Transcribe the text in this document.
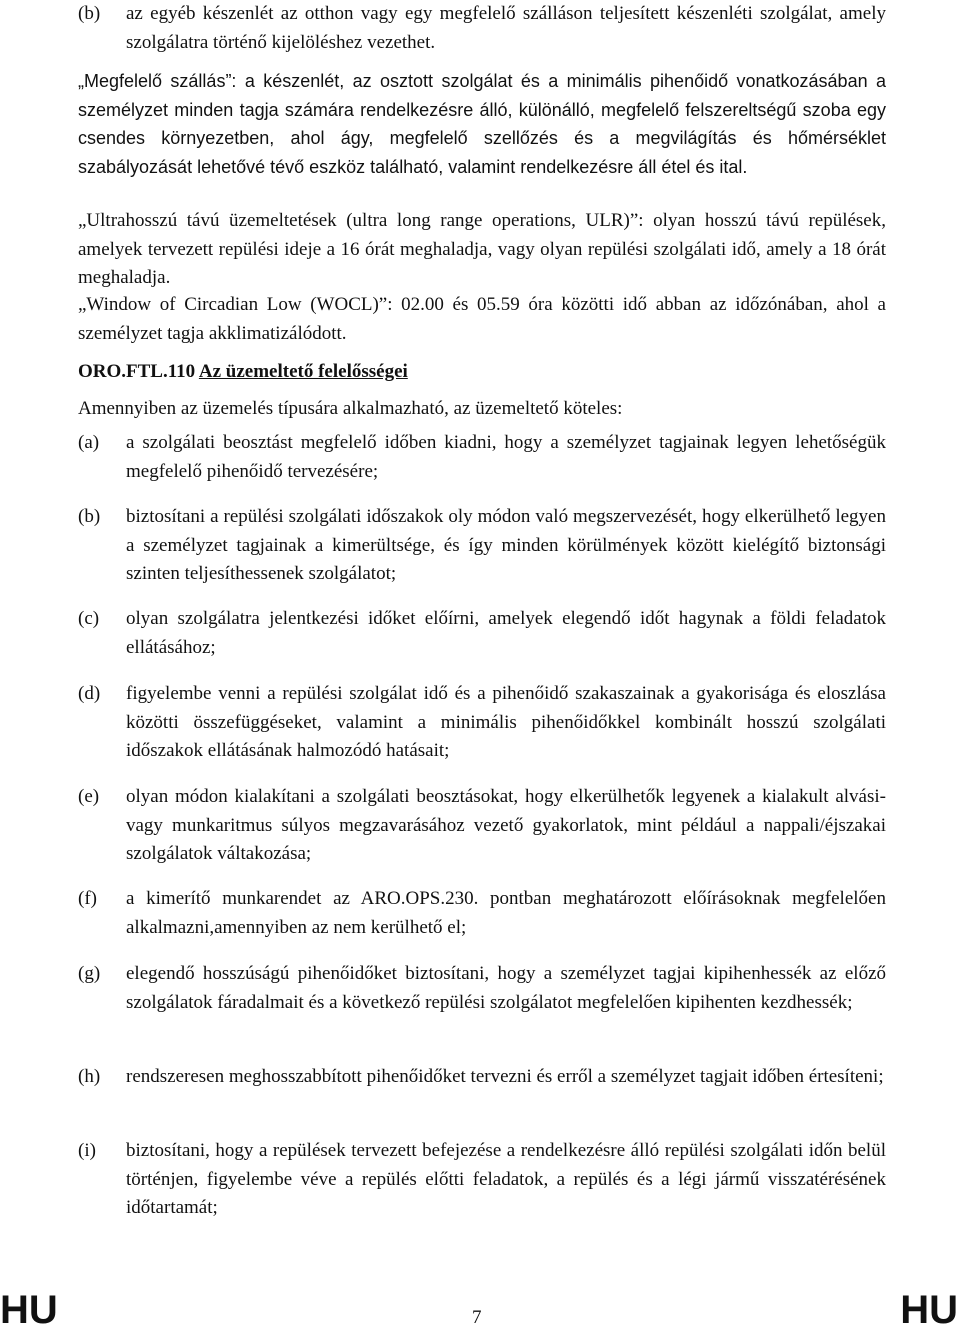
(b)	az egyéb készenlét az otthon vagy egy megfelelő szálláson teljesített készenléti szolgálat, amely szolgálatra történő kijelöléshez vezethet.
„Megfelelő szállás”: a készenlét, az osztott szolgálat és a minimális pihenőidő vonatkozásában a személyzet minden tagja számára rendelkezésre álló, különálló, megfelelő felszereltségű szoba egy csendes környezetben, ahol ágy, megfelelő szellőzés és a megvilágítás és hőmérséklet szabályozását lehetővé tévő eszköz található, valamint rendelkezésre áll étel és ital.
„Ultrahosszú távú üzemeltetések (ultra long range operations, ULR)”: olyan hosszú távú repülések, amelyek tervezett repülési ideje a 16 órát meghaladja, vagy olyan repülési szolgálati idő, amely a 18 órát meghaladja.
„Window of Circadian Low (WOCL)”: 02.00 és 05.59 óra közötti idő abban az időzónában, ahol a személyzet tagja akklimatizálódott.
ORO.FTL.110 Az üzemeltető felelősségei
Amennyiben az üzemelés típusára alkalmazható, az üzemeltető köteles:
(a)	a szolgálati beosztást megfelelő időben kiadni, hogy a személyzet tagjainak legyen lehetőségük megfelelő pihenőidő tervezésére;
(b)	biztosítani a repülési szolgálati időszakok oly módon való megszervezését, hogy elkerülhető legyen a személyzet tagjainak a kimerültsége, és így minden körülmények között kielégítő biztonsági szinten teljesíthessenek szolgálatot;
(c)	olyan szolgálatra jelentkezési időket előírni, amelyek elegendő időt hagynak a földi feladatok ellátásához;
(d)	figyelembe venni a repülési szolgálat idő és a pihenőidő szakaszainak a gyakorisága és eloszlása közötti összefüggéseket, valamint a minimális pihenőidőkkel kombinált hosszú szolgálati időszakok ellátásának halmozódó hatásait;
(e)	olyan módon kialakítani a szolgálati beosztásokat, hogy elkerülhetők legyenek a kialakult alvási- vagy munkaritmus súlyos megzavarásához vezető gyakorlatok, mint például a nappali/éjszakai szolgálatok váltakozása;
(f)	a kimerítő munkarendet az ARO.OPS.230. pontban meghatározott előírásoknak megfelelően alkalmazni,amennyiben az nem kerülhető el;
(g)	elegendő hosszúságú pihenőidőket biztosítani, hogy a személyzet tagjai kipihenhessék az előző szolgálatok fáradalmait és a következő repülési szolgálatot megfelelően kipihenten kezdhessék;
(h)	rendszeresen meghosszabbított pihenőidőket tervezni és erről a személyzet tagjait időben értesíteni;
(i)	biztosítani, hogy a repülések tervezett befejezése a rendelkezésre álló repülési szolgálati időn belül történjen, figyelembe véve a repülés előtti feladatok, a repülés és a légi jármű visszatérésének időtartamát;
HU	7	HU
